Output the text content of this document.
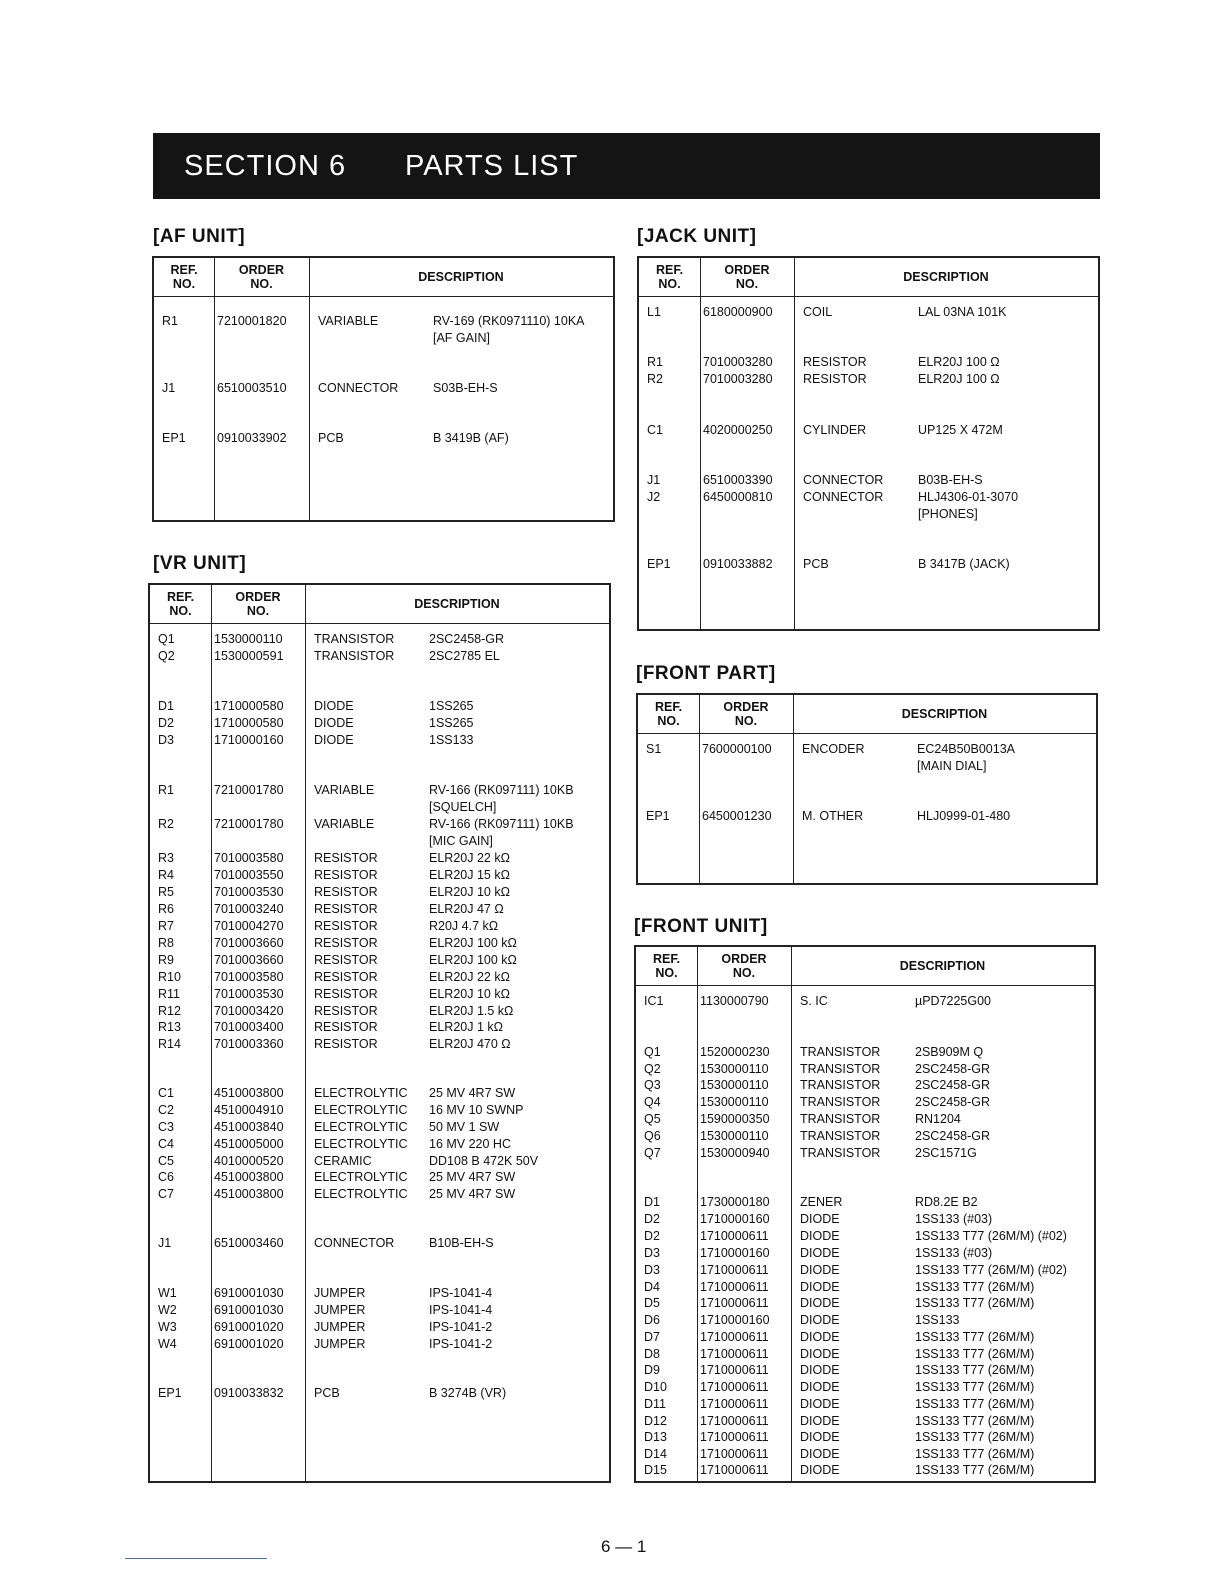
SECTION 6 PARTS LIST
[AF UNIT]
REF.
NO.
ORDER
NO.	DESCRIPTION
R1	7210001820	VARIABLE	RV-169 (RK0971110) 10KA
[AF GAIN]
J1	6510003510	CONNECTOR	S03B-EH-S
EP1	0910033902	PCB	B 3419B (AF)
[VR UNIT]
REF.
NO.
ORDER
NO.	DESCRIPTION
Q1	1530000110	TRANSISTOR	2SC2458-GR
Q2	1530000591 TRANSISTOR	2SC2785 EL
D1	1710000580 DIODE	1SS265
D2	1710000580 DIODE	1SS265
D3	1710000160 DIODE	1SS133
R1	7210001780 VARIABLE	RV-166 (RK097111) 10KB
[SQUELCH]
R2	7210001780 VARIABLE	RV-166 (RK097111) 10KB
[MIC GAIN]
R3	7010003580 RESISTOR	ELR20J 22 kΩ
R4	7010003550 RESISTOR	ELR20J 15 kΩ
R5	7010003530 RESISTOR	ELR20J 10 kΩ
R6	7010003240 RESISTOR	ELR20J 47 Ω
R7	7010004270 RESISTOR	R20J 4.7 kΩ
R8	7010003660 RESISTOR	ELR20J 100 kΩ
R9	7010003660 RESISTOR	ELR20J 100 kΩ
R10	7010003580 RESISTOR	ELR20J 22 kΩ
R11	7010003530 RESISTOR	ELR20J 10 kΩ
R12	7010003420 RESISTOR	ELR20J 1.5 kΩ
R13	7010003400 RESISTOR	ELR20J 1 kΩ
R14	7010003360 RESISTOR	ELR20J 470 Ω
C1	4510003800 ELECTROLYTIC 25 MV 4R7 SW
C2	4510004910 ELECTROLYTIC 16 MV 10 SWNP
C3	4510003840 ELECTROLYTIC 50 MV 1 SW
C4	4510005000 ELECTROLYTIC 16 MV 220 HC
C5	4010000520 CERAMIC	DD108 B 472K 50V
C6	4510003800 ELECTROLYTIC 25 MV 4R7 SW
C7	4510003800 ELECTROLYTIC 25 MV 4R7 SW
J1	6510003460 CONNECTOR	B10B-EH-S
W1	6910001030 JUMPER	IPS-1041-4
W2	6910001030 JUMPER	IPS-1041-4
W3	6910001020 JUMPER	IPS-1041-2
W4	6910001020 JUMPER	IPS-1041-2
EP1	0910033832 PCB	B 3274B (VR)
[JACK UNIT]
REF.
NO.
ORDER
NO.	DESCRIPTION
L1	6180000900 COIL	LAL 03NA 101K
R1	7010003280 RESISTOR	ELR20J 100 Ω
R2	7010003280 RESISTOR	ELR20J 100 Ω
C1	4020000250 CYLINDER	UP125 X 472M
J1	6510003390 CONNECTOR	B03B-EH-S
J2	6450000810 CONNECTOR	HLJ4306-01-3070
[PHONES]
EP1	0910033882 PCB	B 3417B (JACK)
[FRONT PART]
REF.
NO.
ORDER
NO.	DESCRIPTION
S1	7600000100 ENCODER	EC24B50B0013A
[MAIN DIAL]
EP1	6450001230 M. OTHER	HLJ0999-01-480
[FRONT UNIT]
REF.
NO.
ORDER
NO.	DESCRIPTION
IC1	1130000790	S. IC	µPD7225G00
Q1	1520000230 TRANSISTOR	2SB909M Q
Q2	1530000110	TRANSISTOR	2SC2458-GR
Q3	1530000110	TRANSISTOR	2SC2458-GR
Q4	1530000110	TRANSISTOR	2SC2458-GR
Q5	1590000350 TRANSISTOR	RN1204
Q6	1530000110	TRANSISTOR	2SC2458-GR
Q7	1530000940 TRANSISTOR	2SC1571G
D1	1730000180 ZENER	RD8.2E B2
D2	1710000160 DIODE	1SS133 (#03)
D2	1710000611	DIODE	1SS133 T77 (26M/M) (#02)
D3	1710000160 DIODE	1SS133 (#03)
D3	1710000611	DIODE	1SS133 T77 (26M/M) (#02)
D4	1710000611	DIODE	1SS133 T77 (26M/M)
D5	1710000611	DIODE	1SS133 T77 (26M/M)
D6	1710000160 DIODE	1SS133
D7	1710000611	DIODE	1SS133 T77 (26M/M)
D8	1710000611	DIODE	1SS133 T77 (26M/M)
D9	1710000611	DIODE	1SS133 T77 (26M/M)
D10	1710000611	DIODE	1SS133 T77 (26M/M)
D11	1710000611	DIODE	1SS133 T77 (26M/M)
D12	1710000611	DIODE	1SS133 T77 (26M/M)
D13	1710000611	DIODE	1SS133 T77 (26M/M)
D14	1710000611	DIODE	1SS133 T77 (26M/M)
D15	1710000611	DIODE	1SS133 T77 (26M/M)
6 — 1
